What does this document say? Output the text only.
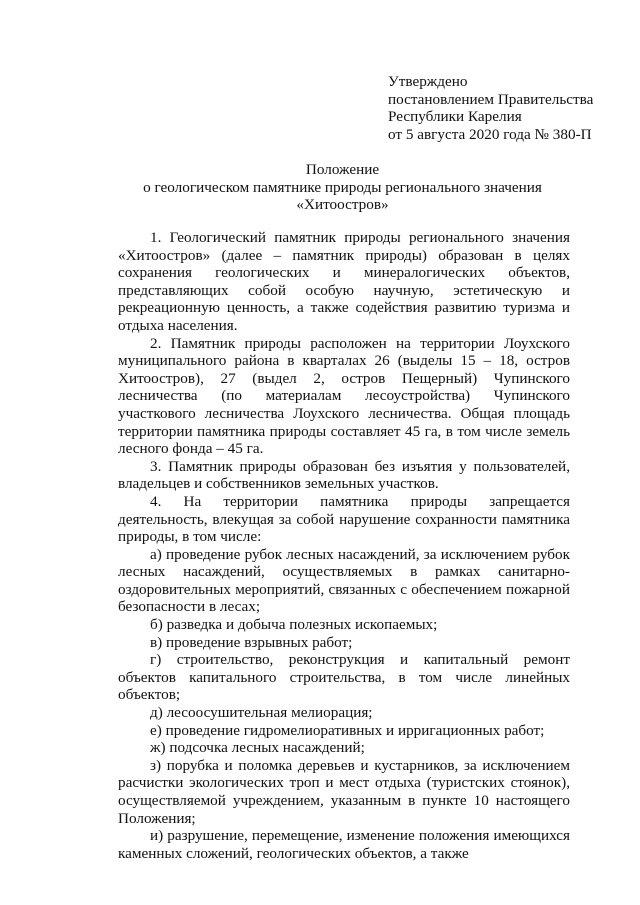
Утверждено
постановлением Правительства
Республики Карелия
от 5 августа 2020 года № 380-П
Положение
о геологическом памятнике природы регионального значения
«Хитоостров»

1. Геологический памятник природы регионального значения «Хитоостров» (далее – памятник природы) образован в целях сохранения геологических и минералогических объектов, представляющих собой особую научную, эстетическую и рекреационную ценность, а также содействия развитию туризма и отдыха населения.

2. Памятник природы расположен на территории Лоухского муниципального района в кварталах 26 (выделы 15 – 18, остров Хитоостров), 27 (выдел 2, остров Пещерный) Чупинского лесничества (по материалам лесоустройства) Чупинского участкового лесничества Лоухского лесничества. Общая площадь территории памятника природы составляет 45 га, в том числе земель лесного фонда – 45 га.

3. Памятник природы образован без изъятия у пользователей, владельцев и собственников земельных участков.

4. На территории памятника природы запрещается деятельность, влекущая за собой нарушение сохранности памятника природы, в том числе:

а) проведение рубок лесных насаждений, за исключением рубок лесных насаждений, осуществляемых в рамках санитарно-оздоровительных мероприятий, связанных с обеспечением пожарной безопасности в лесах;

б) разведка и добыча полезных ископаемых;

в) проведение взрывных работ;

г) строительство, реконструкция и капитальный ремонт объектов капитального строительства, в том числе линейных объектов;

д) лесоосушительная мелиорация;

е) проведение гидромелиоративных и ирригационных работ;

ж) подсочка лесных насаждений;

з) порубка и поломка деревьев и кустарников, за исключением расчистки экологических троп и мест отдыха (туристских стоянок), осуществляемой учреждением, указанным в пункте 10 настоящего Положения;

и) разрушение, перемещение, изменение положения имеющихся каменных сложений, геологических объектов, а также
